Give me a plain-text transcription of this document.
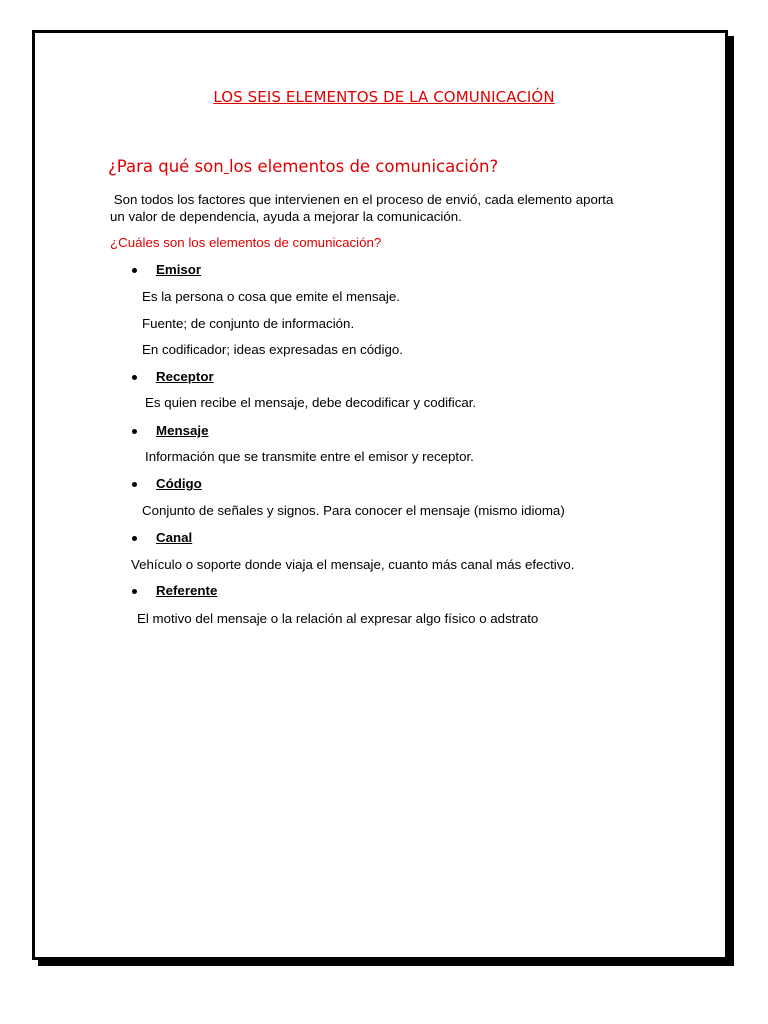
LOS SEIS ELEMENTOS DE LA COMUNICACIÓN
¿Para qué son los elementos de comunicación?
Son todos los factores que intervienen en el proceso de envió, cada elemento aporta
un valor de dependencia, ayuda a mejorar la comunicación.
¿Cuáles son los elementos de comunicación?
Emisor
Es la persona o cosa que emite el mensaje.
Fuente; de conjunto de información.
En codificador; ideas expresadas en código.
Receptor
Es quien recibe el mensaje, debe decodificar y codificar.
Mensaje
Información que se transmite entre el emisor y receptor.
Código
Conjunto de señales y signos. Para conocer el mensaje (mismo idioma)
Canal
Vehículo o soporte donde viaja el mensaje, cuanto más canal más efectivo.
Referente
El motivo del mensaje o la relación al expresar algo físico o adstrato
